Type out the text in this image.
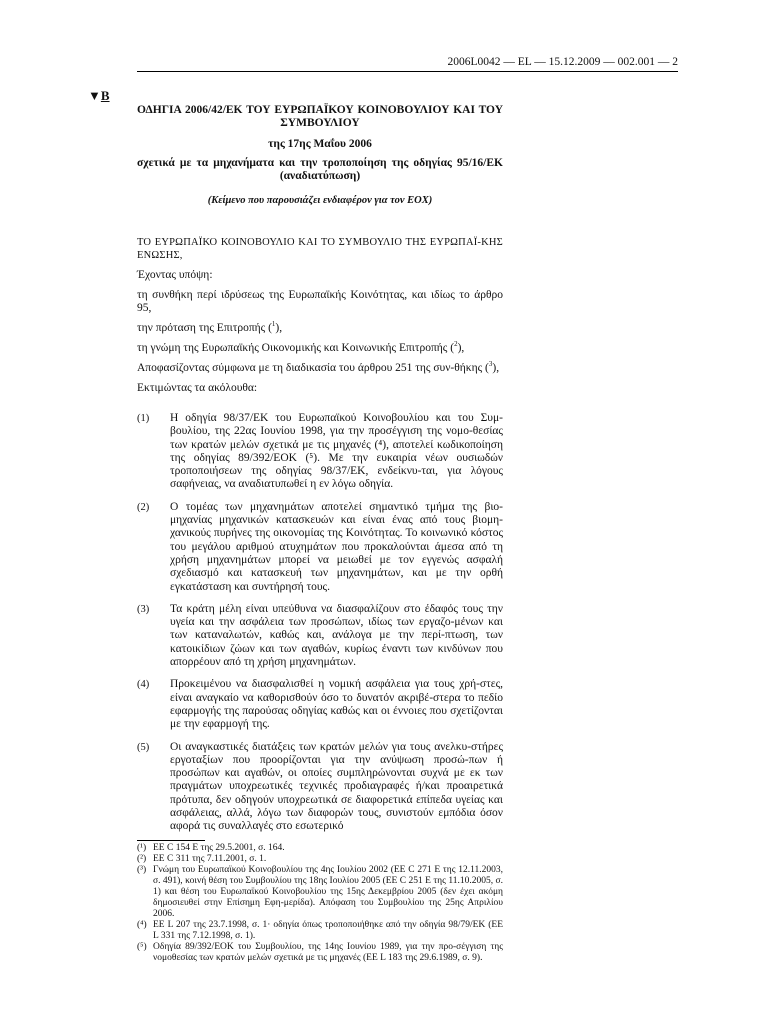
2006L0042 — EL — 15.12.2009 — 002.001 — 2
▼B

ΟΔΗΓΙΑ 2006/42/ΕΚ ΤΟΥ ΕΥΡΩΠΑΪΚΟΥ ΚΟΙΝΟΒΟΥΛΙΟΥ ΚΑΙ ΤΟΥ ΣΥΜΒΟΥΛΙΟΥ

της 17ης Μαΐου 2006

σχετικά με τα μηχανήματα και την τροποποίηση της οδηγίας 95/16/ΕΚ (αναδιατύπωση)

(Κείμενο που παρουσιάζει ενδιαφέρον για τον ΕΟΧ)

ΤΟ ΕΥΡΩΠΑΪΚΟ ΚΟΙΝΟΒΟΥΛΙΟ ΚΑΙ ΤΟ ΣΥΜΒΟΥΛΙΟ ΤΗΣ ΕΥΡΩΠΑΪ-ΚΗΣ ΕΝΩΣΗΣ,

Έχοντας υπόψη:

τη συνθήκη περί ιδρύσεως της Ευρωπαϊκής Κοινότητας, και ιδίως το άρθρο 95,

την πρόταση της Επιτροπής ($^1$),

τη γνώμη της Ευρωπαϊκής Οικονομικής και Κοινωνικής Επιτροπής ($^2$),

Αποφασίζοντας σύμφωνα με τη διαδικασία του άρθρου 251 της συν-θήκης ($^3$),

Εκτιμώντας τα ακόλουθα:

(1)	Η οδηγία 98/37/ΕΚ του Ευρωπαϊκού Κοινοβουλίου και του Συμ-βουλίου, της 22ας Ιουνίου 1998, για την προσέγγιση της νομο-θεσίας των κρατών μελών σχετικά με τις μηχανές (⁴), αποτελεί κωδικοποίηση της οδηγίας 89/392/ΕΟΚ (⁵). Με την ευκαιρία νέων ουσιωδών τροποποιήσεων της οδηγίας 98/37/ΕΚ, ενδείκνυ-ται, για λόγους σαφήνειας, να αναδιατυπωθεί η εν λόγω οδηγία.
(2)	Ο τομέας των μηχανημάτων αποτελεί σημαντικό τμήμα της βιο-μηχανίας μηχανικών κατασκευών και είναι ένας από τους βιομη-χανικούς πυρήνες της οικονομίας της Κοινότητας. Το κοινωνικό κόστος του μεγάλου αριθμού ατυχημάτων που προκαλούνται άμεσα από τη χρήση μηχανημάτων μπορεί να μειωθεί με τον εγγενώς ασφαλή σχεδιασμό και κατασκευή των μηχανημάτων, και με την ορθή εγκατάσταση και συντήρησή τους.
(3)	Τα κράτη μέλη είναι υπεύθυνα να διασφαλίζουν στο έδαφός τους την υγεία και την ασφάλεια των προσώπων, ιδίως των εργαζο-μένων και των καταναλωτών, καθώς και, ανάλογα με την περί-πτωση, των κατοικίδιων ζώων και των αγαθών, κυρίως έναντι των κινδύνων που απορρέουν από τη χρήση μηχανημάτων.
(4)	Προκειμένου να διασφαλισθεί η νομική ασφάλεια για τους χρή-στες, είναι αναγκαίο να καθορισθούν όσο το δυνατόν ακριβέ-στερα το πεδίο εφαρμογής της παρούσας οδηγίας καθώς και οι έννοιες που σχετίζονται με την εφαρμογή της.
(5)	Οι αναγκαστικές διατάξεις των κρατών μελών για τους ανελκυ-στήρες εργοταξίων που προορίζονται για την ανύψωση προσώ-πων ή προσώπων και αγαθών, οι οποίες συμπληρώνονται συχνά με εκ των πραγμάτων υποχρεωτικές τεχνικές προδιαγραφές ή/και προαιρετικά πρότυπα, δεν οδηγούν υποχρεωτικά σε διαφορετικά επίπεδα υγείας και ασφάλειας, αλλά, λόγω των διαφορών τους, συνιστούν εμπόδια όσον αφορά τις συναλλαγές στο εσωτερικό
(¹) ΕΕ C 154 E της 29.5.2001, σ. 164.
(²) ΕΕ C 311 της 7.11.2001, σ. 1.
(³) Γνώμη του Ευρωπαϊκού Κοινοβουλίου της 4ης Ιουλίου 2002 (ΕΕ C 271 E της 12.11.2003, σ. 491), κοινή θέση του Συμβουλίου της 18ης Ιουλίου 2005 (ΕΕ C 251 E της 11.10.2005, σ. 1) και θέση του Ευρωπαϊκού Κοινοβουλίου της 15ης Δεκεμβρίου 2005 (δεν έχει ακόμη δημοσιευθεί στην Επίσημη Εφη-μερίδα). Απόφαση του Συμβουλίου της 25ης Απριλίου 2006.
(⁴) ΕΕ L 207 της 23.7.1998, σ. 1· οδηγία όπως τροποποιήθηκε από την οδηγία 98/79/ΕΚ (ΕΕ L 331 της 7.12.1998, σ. 1).
(⁵) Οδηγία 89/392/ΕΟΚ του Συμβουλίου, της 14ης Ιουνίου 1989, για την προ-σέγγιση της νομοθεσίας των κρατών μελών σχετικά με τις μηχανές (ΕΕ L 183 της 29.6.1989, σ. 9).
